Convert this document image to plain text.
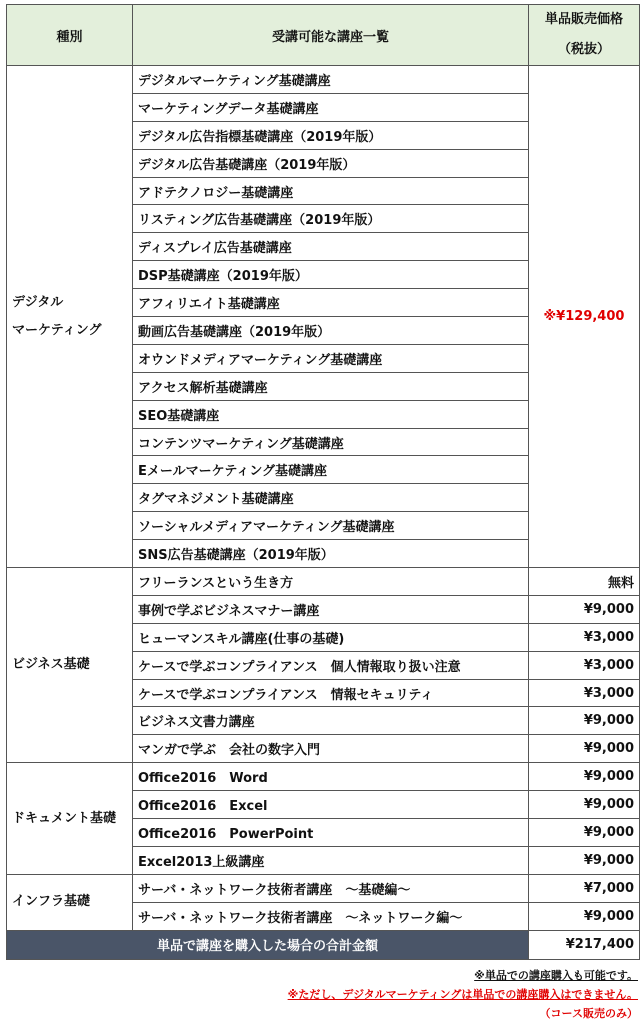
種別	受講可能な講座一覧	単品販売価格
（税抜）

デジタル
マーケティング	デジタルマーケティング基礎講座	※¥129,400
	マーケティングデータ基礎講座	
	デジタル広告指標基礎講座（2019年版）	
	デジタル広告基礎講座（2019年版）	
	アドテクノロジー基礎講座	
	リスティング広告基礎講座（2019年版）	
	ディスプレイ広告基礎講座	
	DSP基礎講座（2019年版）	
	アフィリエイト基礎講座	
	動画広告基礎講座（2019年版）	
	オウンドメディアマーケティング基礎講座	
	アクセス解析基礎講座	
	SEO基礎講座	
	コンテンツマーケティング基礎講座	
	Eメールマーケティング基礎講座	
	タグマネジメント基礎講座	
	ソーシャルメディアマーケティング基礎講座	
	SNS広告基礎講座（2019年版）	

ビジネス基礎	フリーランスという生き方	無料
	事例で学ぶビジネスマナー講座	¥9,000
	ヒューマンスキル講座(仕事の基礎)	¥3,000
	ケースで学ぶコンプライアンス　個人情報取り扱い注意	¥3,000
	ケースで学ぶコンプライアンス　情報セキュリティ	¥3,000
	ビジネス文書力講座	¥9,000
	マンガで学ぶ　会社の数字入門	¥9,000

ドキュメント基礎	Office2016　Word	¥9,000
	Office2016　Excel	¥9,000
	Office2016　PowerPoint	¥9,000
	Excel2013上級講座	¥9,000

インフラ基礎	サーバ・ネットワーク技術者講座　～基礎編～	¥7,000
	サーバ・ネットワーク技術者講座　～ネットワーク編～	¥9,000
単品で講座を購入した場合の合計金額		¥217,400
※単品での講座購入も可能です。
※ただし、デジタルマーケティングは単品での講座購入はできません。
（コース販売のみ）
